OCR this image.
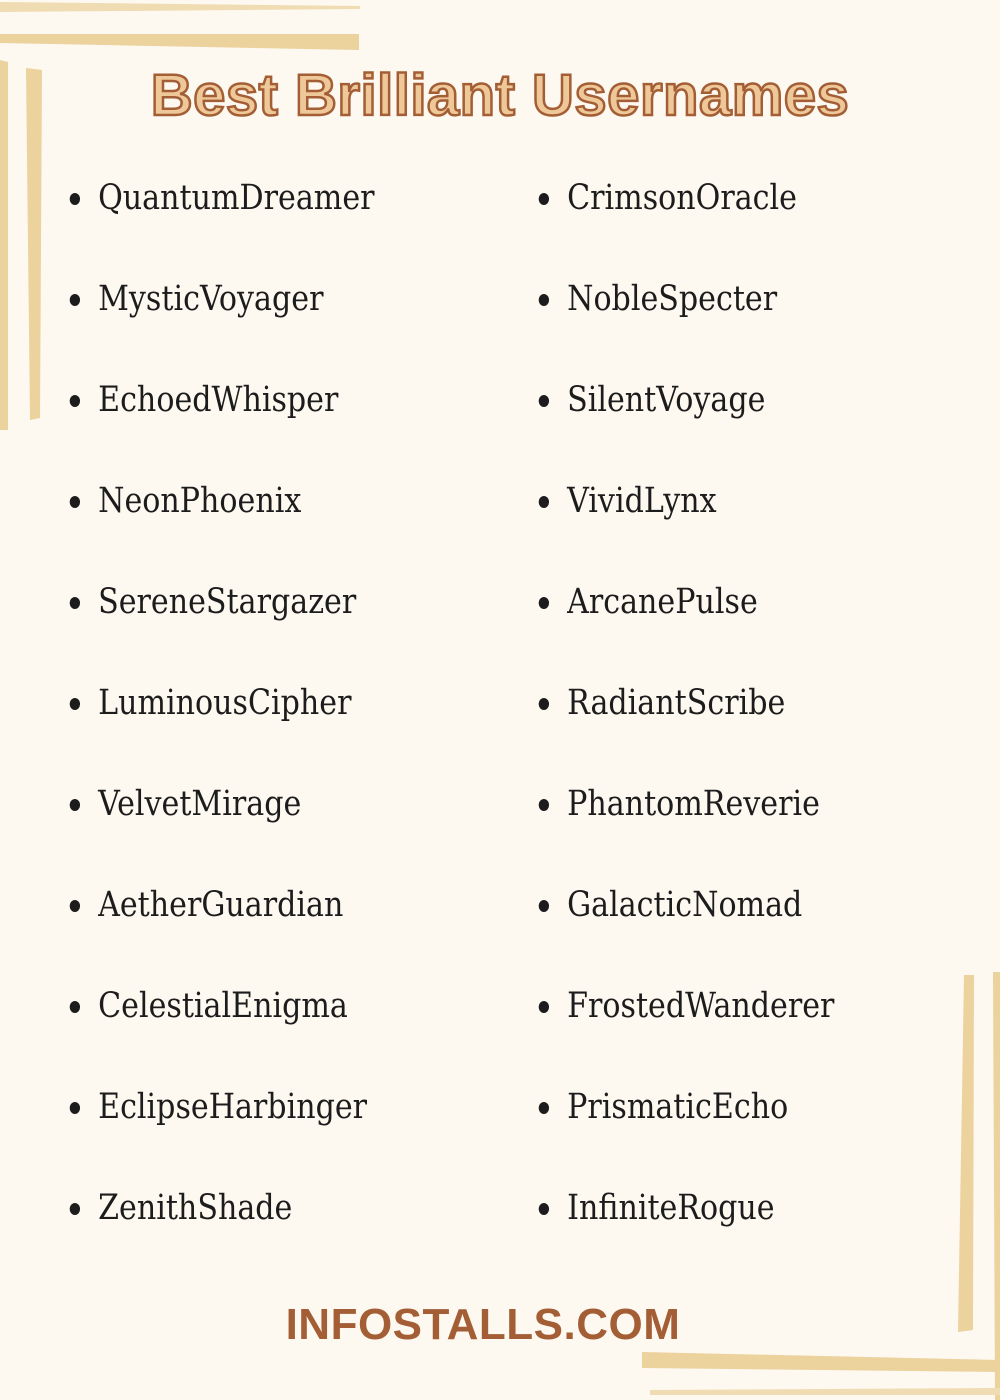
Best Brilliant Usernames
QuantumDreamer
MysticVoyager
EchoedWhisper
NeonPhoenix
SereneStargazer
LuminousCipher
VelvetMirage
AetherGuardian
CelestialEnigma
EclipseHarbinger
ZenithShade
CrimsonOracle
NobleSpecter
SilentVoyage
VividLynx
ArcanePulse
RadiantScribe
PhantomReverie
GalacticNomad
FrostedWanderer
PrismaticEcho
InfiniteRogue
INFOSTALLS.COM
